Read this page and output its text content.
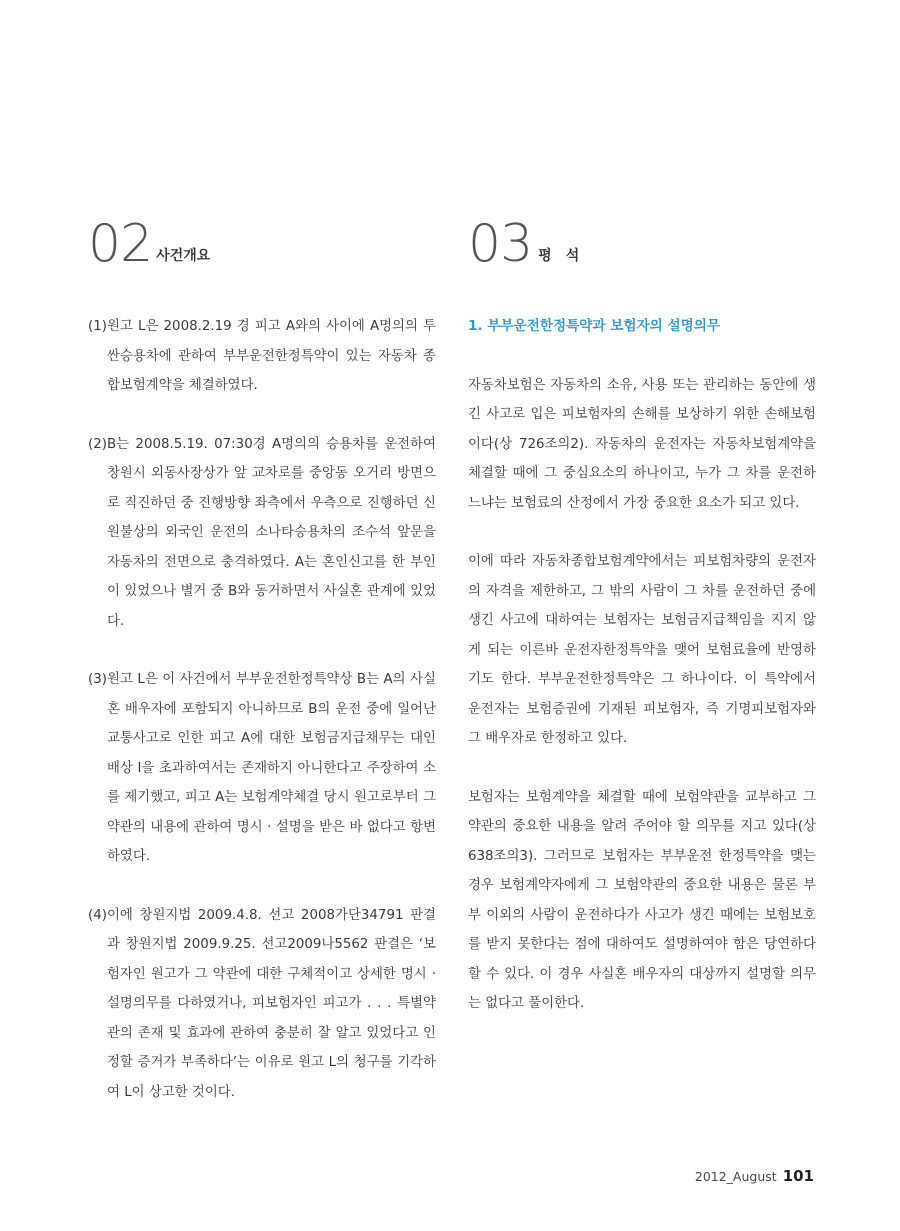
02 사건개요	03 평석
(1) 원고 L은 2008.2.19 경 피고 A와의 사이에 A명의의 투싼승용차에 관하여 부부운전한정특약이 있는 자동차 종합보험계약을 체결하였다.
(2) B는 2008.5.19. 07:30경 A명의의 승용차를 운전하여 창원시 외동사장상가 앞 교차로를 중앙동 오거리 방면으로 직진하던 중 진행방향 좌측에서 우측으로 진행하던 신원불상의 외국인 운전의 소나타승용차의 조수석 앞문을 자동차의 전면으로 충격하였다. A는 혼인신고를 한 부인이 있었으나 별거 중 B와 동거하면서 사실혼 관계에 있었다.
(3) 원고 L은 이 사건에서 부부운전한정특약상 B는 A의 사실혼 배우자에 포함되지 아니하므로 B의 운전 중에 일어난 교통사고로 인한 피고 A에 대한 보험금지급채무는 대인배상 I을 초과하여서는 존재하지 아니한다고 주장하여 소를 제기했고, 피고 A는 보험계약체결 당시 원고로부터 그 약관의 내용에 관하여 명시 · 설명을 받은 바 없다고 항변하였다.
(4) 이에 창원지법 2009.4.8. 선고 2008가단34791 판결과 창원지법 2009.9.25. 선고2009나5562 판결은 ‘보험자인 원고가 그 약관에 대한 구체적이고 상세한 명시 · 설명의무를 다하였거나, 피보험자인 피고가 . . . 특별약관의 존재 및 효과에 관하여 충분히 잘 알고 있었다고 인정할 증거가 부족하다’는 이유로 원고 L의 청구를 기각하여 L이 상고한 것이다.
1. 부부운전한정특약과 보험자의 설명의무
자동차보험은 자동차의 소유, 사용 또는 관리하는 동안에 생긴 사고로 입은 피보험자의 손해를 보상하기 위한 손해보험이다(상 726조의2). 자동차의 운전자는 자동차보험계약을 체결할 때에 그 중심요소의 하나이고, 누가 그 차를 운전하느냐는 보험료의 산정에서 가장 중요한 요소가 되고 있다.
이에 따라 자동차종합보험계약에서는 피보험차량의 운전자의 자격을 제한하고, 그 밖의 사람이 그 차를 운전하던 중에 생긴 사고에 대하여는 보험자는 보험금지급책임을 지지 않게 되는 이른바 운전자한정특약을 맺어 보험료율에 반영하기도 한다. 부부운전한정특약은 그 하나이다. 이 특약에서 운전자는 보험증권에 기재된 피보험자, 즉 기명피보험자와 그 배우자로 한정하고 있다.
보험자는 보험계약을 체결할 때에 보험약관을 교부하고 그 약관의 중요한 내용을 알려 주어야 할 의무를 지고 있다(상 638조의3). 그러므로 보험자는 부부운전 한정특약을 맺는 경우 보험계약자에게 그 보험약관의 중요한 내용은 물론 부부 이외의 사람이 운전하다가 사고가 생긴 때에는 보험보호를 받지 못한다는 점에 대하여도 설명하여야 함은 당연하다 할 수 있다. 이 경우 사실혼 배우자의 대상까지 설명할 의무는 없다고 풀이한다.
2012_August 101
